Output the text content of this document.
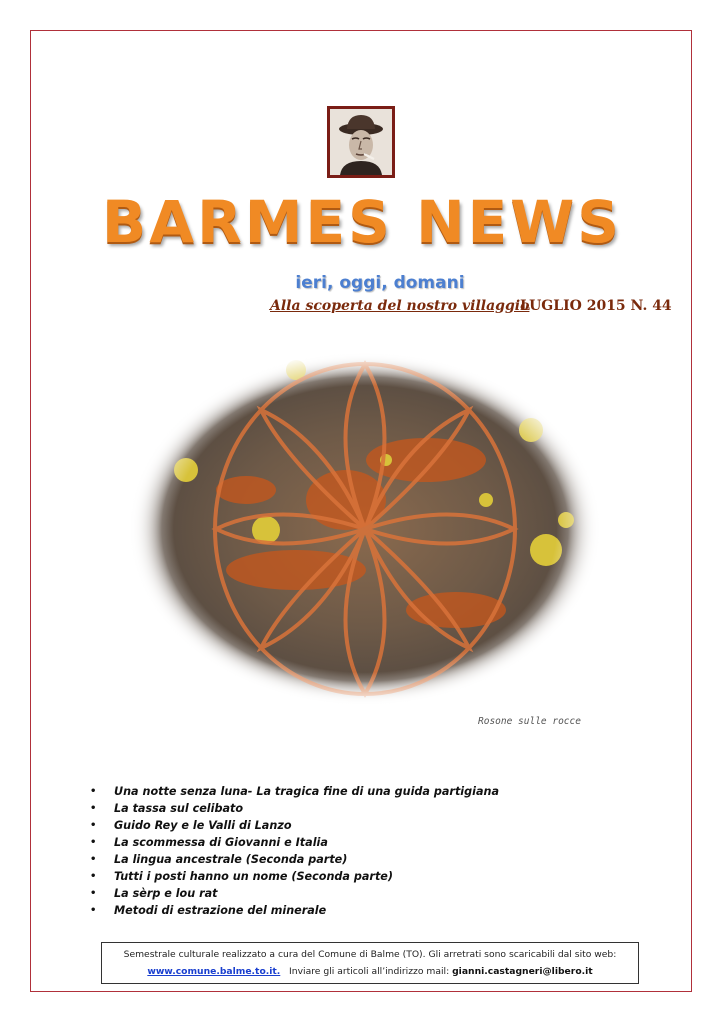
BARMES NEWS
ieri, oggi, domani
Alla scoperta del nostro villaggio
LUGLIO 2015 N. 44
Rosone sulle rocce
• Una notte senza luna- La tragica fine di una guida partigiana
• La tassa sul celibato
• Guido Rey e le Valli di Lanzo
• La scommessa di Giovanni e Italia
• La lingua ancestrale (Seconda parte)
• Tutti i posti hanno un nome (Seconda parte)
• La sèrp e lou rat
• Metodi di estrazione del minerale
Semestrale culturale realizzato a cura del Comune di Balme (TO). Gli arretrati sono scaricabili dal sito web:
www.comune.balme.to.it. Inviare gli articoli all’indirizzo mail: gianni.castagneri@libero.it
